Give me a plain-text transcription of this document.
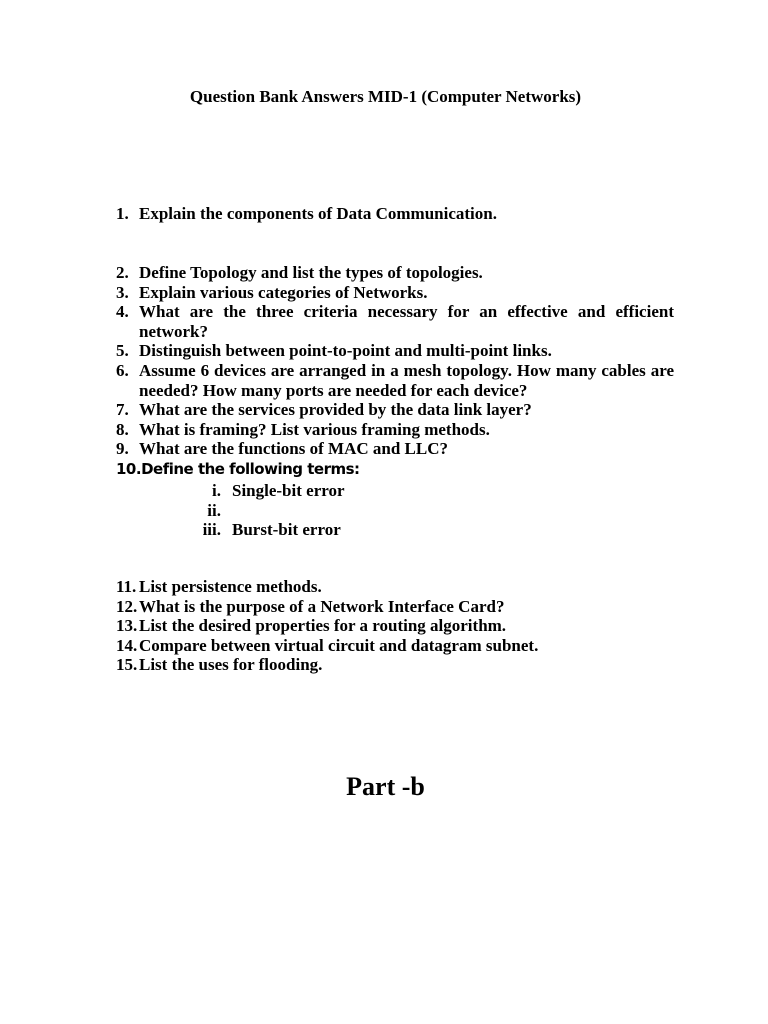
Question Bank Answers MID-1 (Computer Networks)
1. Explain the components of Data Communication.
2. Define Topology and list the types of topologies.
3. Explain various categories of Networks.
4. What are the three criteria necessary for an effective and efficient network?
5. Distinguish between point-to-point and multi-point links.
6. Assume 6 devices are arranged in a mesh topology. How many cables are needed? How many ports are needed for each device?
7. What are the services provided by the data link layer?
8. What is framing? List various framing methods.
9. What are the functions of MAC and LLC?
10.Define the following terms:
i. Single-bit error
ii.
iii. Burst-bit error
11. List persistence methods.
12. What is the purpose of a Network Interface Card?
13. List the desired properties for a routing algorithm.
14. Compare between virtual circuit and datagram subnet.
15. List the uses for flooding.
Part -b
